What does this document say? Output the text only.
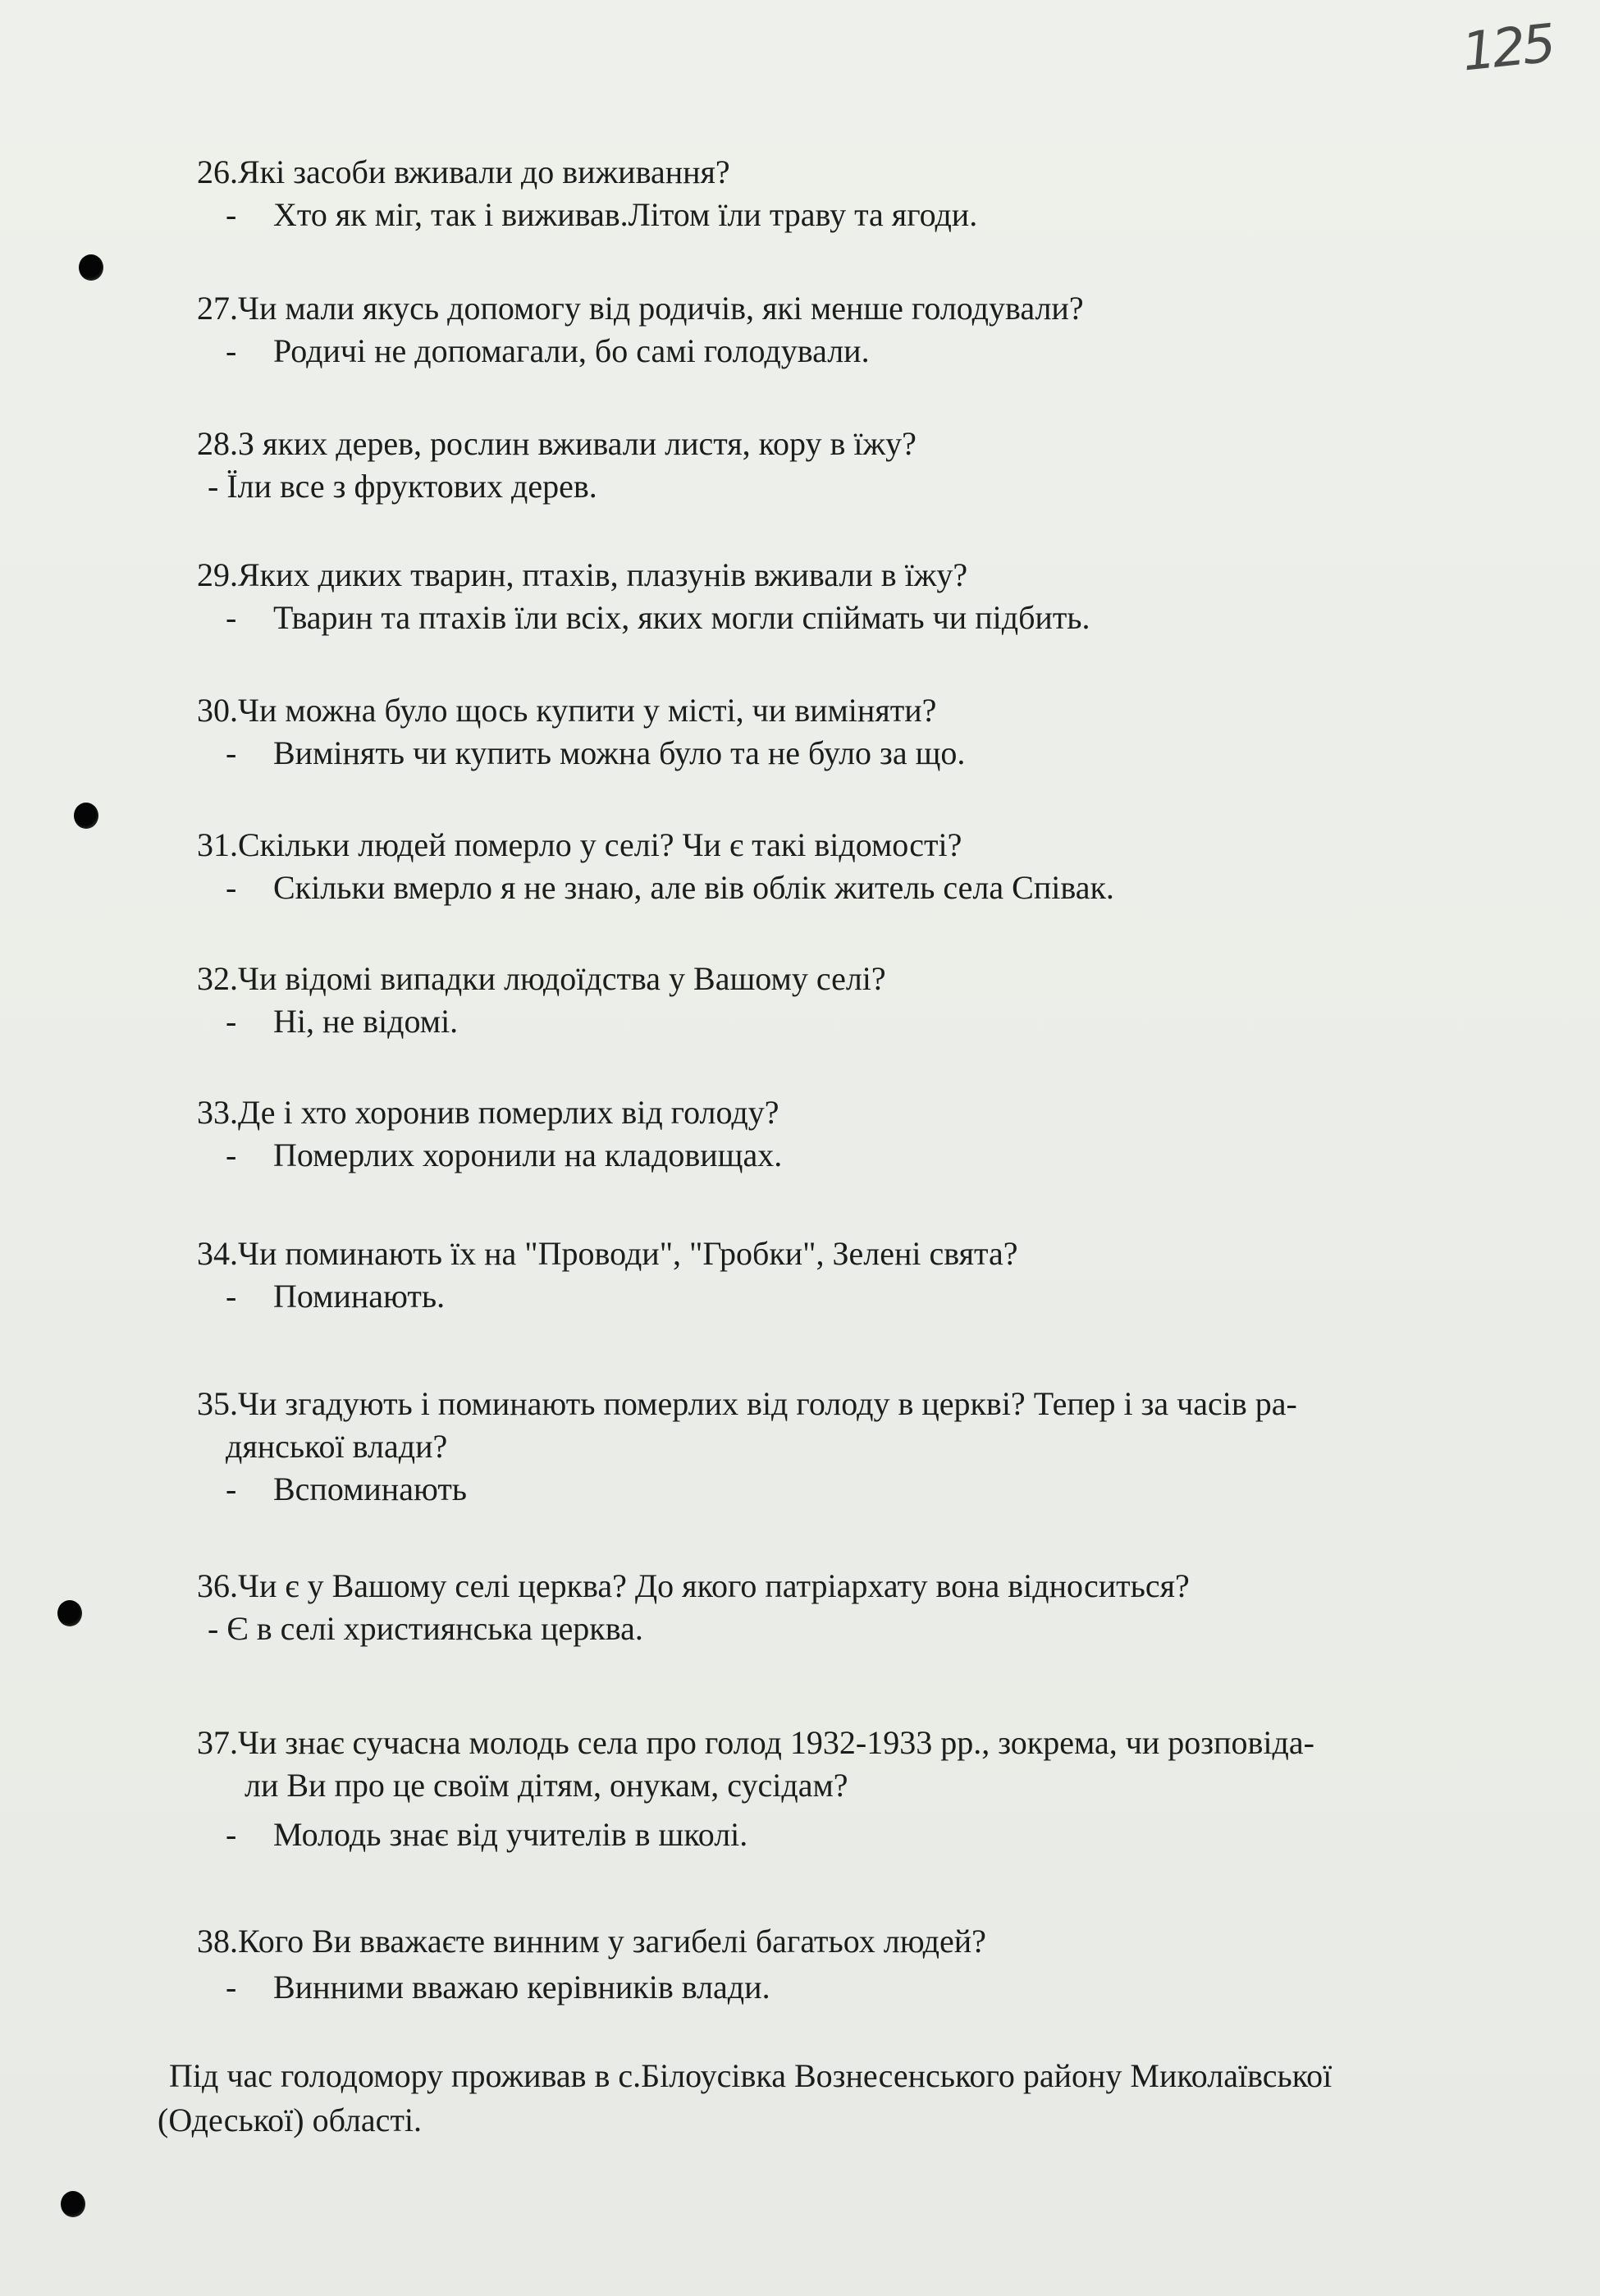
125

26.Які засоби вживали до виживання?

- Хто як міг, так і виживав.Літом їли траву та ягоди.

27.Чи мали якусь допомогу від родичів, які менше голодували?

- Родичі не допомагали, бо самі голодували.

28.З яких дерев, рослин вживали листя, кору в їжу?

- Їли все з фруктових дерев.

29.Яких диких тварин, птахів, плазунів вживали в їжу?

- Тварин та птахів їли всіх, яких могли спіймать чи підбить.

30.Чи можна було щось купити у місті, чи виміняти?

- Вимінять чи купить можна було та не було за що.

31.Скільки людей померло у селі? Чи є такі відомості?

- Скільки вмерло я не знаю, але вів облік житель села Співак.

32.Чи відомі випадки людоїдства у Вашому селі?

- Ні, не відомі.

33.Де і хто хоронив померлих від голоду?

- Померлих хоронили на кладовищах.

34.Чи поминають їх на "Проводи", "Гробки", Зелені свята?

- Поминають.

35.Чи згадують і поминають померлих від голоду в церкві? Тепер і за часів ра-

дянської влади?

- Вспоминають

36.Чи є у Вашому селі церква? До якого патріархату вона відноситься?

- Є в селі християнська церква.

37.Чи знає сучасна молодь села про голод 1932-1933 рр., зокрема, чи розповіда-

ли Ви про це своїм дітям, онукам, сусідам?

- Молодь знає від учителів в школі.

38.Кого Ви вважаєте винним у загибелі багатьох людей?

- Винними вважаю керівників влади.

Під час голодомору проживав в с.Білоусівка Вознесенського району Миколаївської
(Одеської) області.
